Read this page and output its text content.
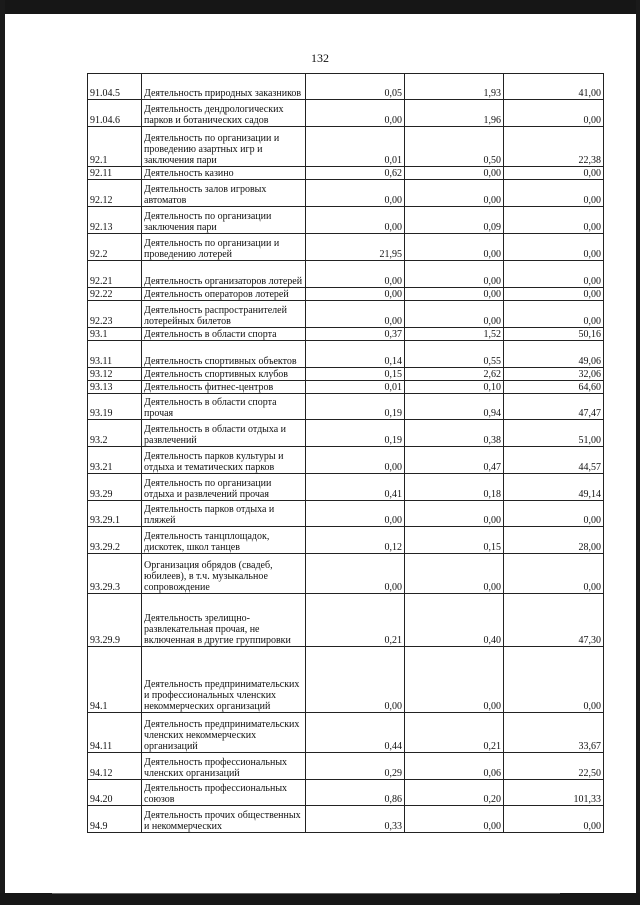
132
91.04.5	Деятельность природных заказников	0,05	1,93	41,00
91.04.6	Деятельность дендрологических парков и ботанических садов	0,00	1,96	0,00
92.1	Деятельность по организации и проведению азартных игр и заключения пари	0,01	0,50	22,38
92.11	Деятельность казино	0,62	0,00	0,00
92.12	Деятельность залов игровых автоматов	0,00	0,00	0,00
92.13	Деятельность по организации заключения пари	0,00	0,09	0,00
92.2	Деятельность по организации и проведению лотерей	21,95	0,00	0,00
92.21	Деятельность организаторов лотерей	0,00	0,00	0,00
92.22	Деятельность операторов лотерей	0,00	0,00	0,00
92.23	Деятельность распространителей лотерейных билетов	0,00	0,00	0,00
93.1	Деятельность в области спорта	0,37	1,52	50,16
93.11	Деятельность спортивных объектов	0,14	0,55	49,06
93.12	Деятельность спортивных клубов	0,15	2,62	32,06
93.13	Деятельность фитнес-центров	0,01	0,10	64,60
93.19	Деятельность в области спорта прочая	0,19	0,94	47,47
93.2	Деятельность в области отдыха и развлечений	0,19	0,38	51,00
93.21	Деятельность парков культуры и отдыха и тематических парков	0,00	0,47	44,57
93.29	Деятельность по организации отдыха и развлечений прочая	0,41	0,18	49,14
93.29.1	Деятельность парков отдыха и пляжей	0,00	0,00	0,00
93.29.2	Деятельность танцплощадок, дискотек, школ танцев	0,12	0,15	28,00
93.29.3	Организация обрядов (свадеб, юбилеев), в т.ч. музыкальное сопровождение	0,00	0,00	0,00
93.29.9	Деятельность зрелищно-развлекательная прочая, не включенная в другие группировки	0,21	0,40	47,30
94.1	Деятельность предпринимательских и профессиональных членских некоммерческих организаций	0,00	0,00	0,00
94.11	Деятельность предпринимательских членских некоммерческих организаций	0,44	0,21	33,67
94.12	Деятельность профессиональных членских организаций	0,29	0,06	22,50
94.20	Деятельность профессиональных союзов	0,86	0,20	101,33
94.9	Деятельность прочих общественных и некоммерческих	0,33	0,00	0,00
